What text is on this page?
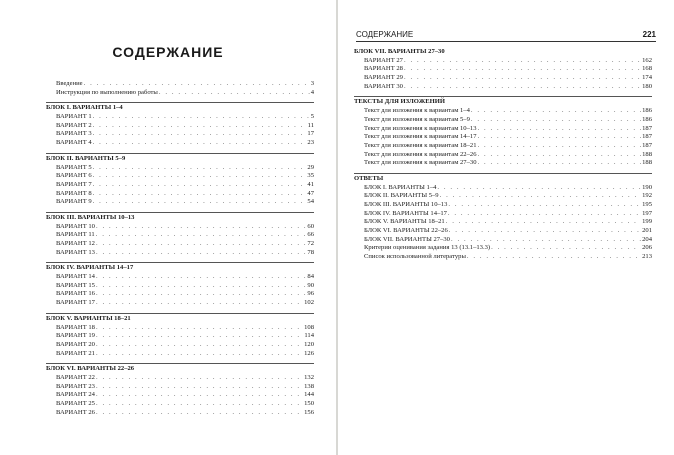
СОДЕРЖАНИЕ
Введение . . .	3
Инструкция по выполнению работы . . .	4
БЛОК I. ВАРИАНТЫ 1–4
ВАРИАНТ 1 . . .	5
ВАРИАНТ 2 . . .	11
ВАРИАНТ 3 . . .	17
ВАРИАНТ 4 . . .	23
БЛОК II. ВАРИАНТЫ 5–9
ВАРИАНТ 5 . . .	29
ВАРИАНТ 6 . . .	35
ВАРИАНТ 7 . . .	41
ВАРИАНТ 8 . . .	47
ВАРИАНТ 9 . . .	54
БЛОК III. ВАРИАНТЫ 10–13
ВАРИАНТ 10 . . .	60
ВАРИАНТ 11 . . .	66
ВАРИАНТ 12 . . .	72
ВАРИАНТ 13 . . .	78
БЛОК IV. ВАРИАНТЫ 14–17
ВАРИАНТ 14 . . .	84
ВАРИАНТ 15 . . .	90
ВАРИАНТ 16 . . .	96
ВАРИАНТ 17 . . .	102
БЛОК V. ВАРИАНТЫ 18–21
ВАРИАНТ 18 . . .	108
ВАРИАНТ 19 . . .	114
ВАРИАНТ 20 . . .	120
ВАРИАНТ 21 . . .	126
БЛОК VI. ВАРИАНТЫ 22–26
ВАРИАНТ 22 . . .	132
ВАРИАНТ 23 . . .	138
ВАРИАНТ 24 . . .	144
ВАРИАНТ 25 . . .	150
ВАРИАНТ 26 . . .	156
СОДЕРЖАНИЕ	221
БЛОК VII. ВАРИАНТЫ 27–30
ВАРИАНТ 27 . . .	162
ВАРИАНТ 28 . . .	168
ВАРИАНТ 29 . . .	174
ВАРИАНТ 30 . . .	180
ТЕКСТЫ ДЛЯ ИЗЛОЖЕНИЙ
Текст для изложения к вариантам 1–4 . . .	186
Текст для изложения к вариантам 5–9 . . .	186
Текст для изложения к вариантам 10–13 . . .	187
Текст для изложения к вариантам 14–17 . . .	187
Текст для изложения к вариантам 18–21 . . .	187
Текст для изложения к вариантам 22–26 . . .	188
Текст для изложения к вариантам 27–30 . . .	188
ОТВЕТЫ
БЛОК I. ВАРИАНТЫ 1–4 . . .	190
БЛОК II. ВАРИАНТЫ 5–9 . . .	192
БЛОК III. ВАРИАНТЫ 10–13 . . .	195
БЛОК IV. ВАРИАНТЫ 14–17 . . .	197
БЛОК V. ВАРИАНТЫ 18–21 . . .	199
БЛОК VI. ВАРИАНТЫ 22–26 . . .	201
БЛОК VII. ВАРИАНТЫ 27–30 . . .	204
Критерии оценивания задания 13 (13.1–13.3) . . .	206
Список использованной литературы . . .	213
